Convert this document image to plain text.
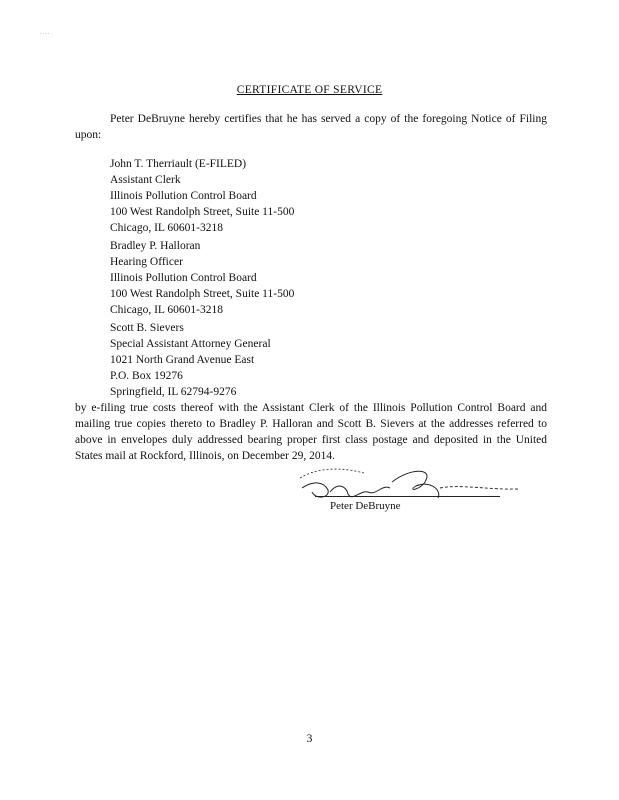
....
CERTIFICATE OF SERVICE
Peter DeBruyne hereby certifies that he has served a copy of the foregoing Notice of Filing upon:
John T. Therriault (E-FILED)
Assistant Clerk
Illinois Pollution Control Board
100 West Randolph Street, Suite 11-500
Chicago, IL 60601-3218
Bradley P. Halloran
Hearing Officer
Illinois Pollution Control Board
100 West Randolph Street, Suite 11-500
Chicago, IL 60601-3218
Scott B. Sievers
Special Assistant Attorney General
1021 North Grand Avenue East
P.O. Box 19276
Springfield, IL 62794-9276
by e-filing true costs thereof with the Assistant Clerk of the Illinois Pollution Control Board and mailing true copies thereto to Bradley P. Halloran and Scott B. Sievers at the addresses referred to above in envelopes duly addressed bearing proper first class postage and deposited in the United States mail at Rockford, Illinois, on December 29, 2014.
Peter DeBruyne
3
